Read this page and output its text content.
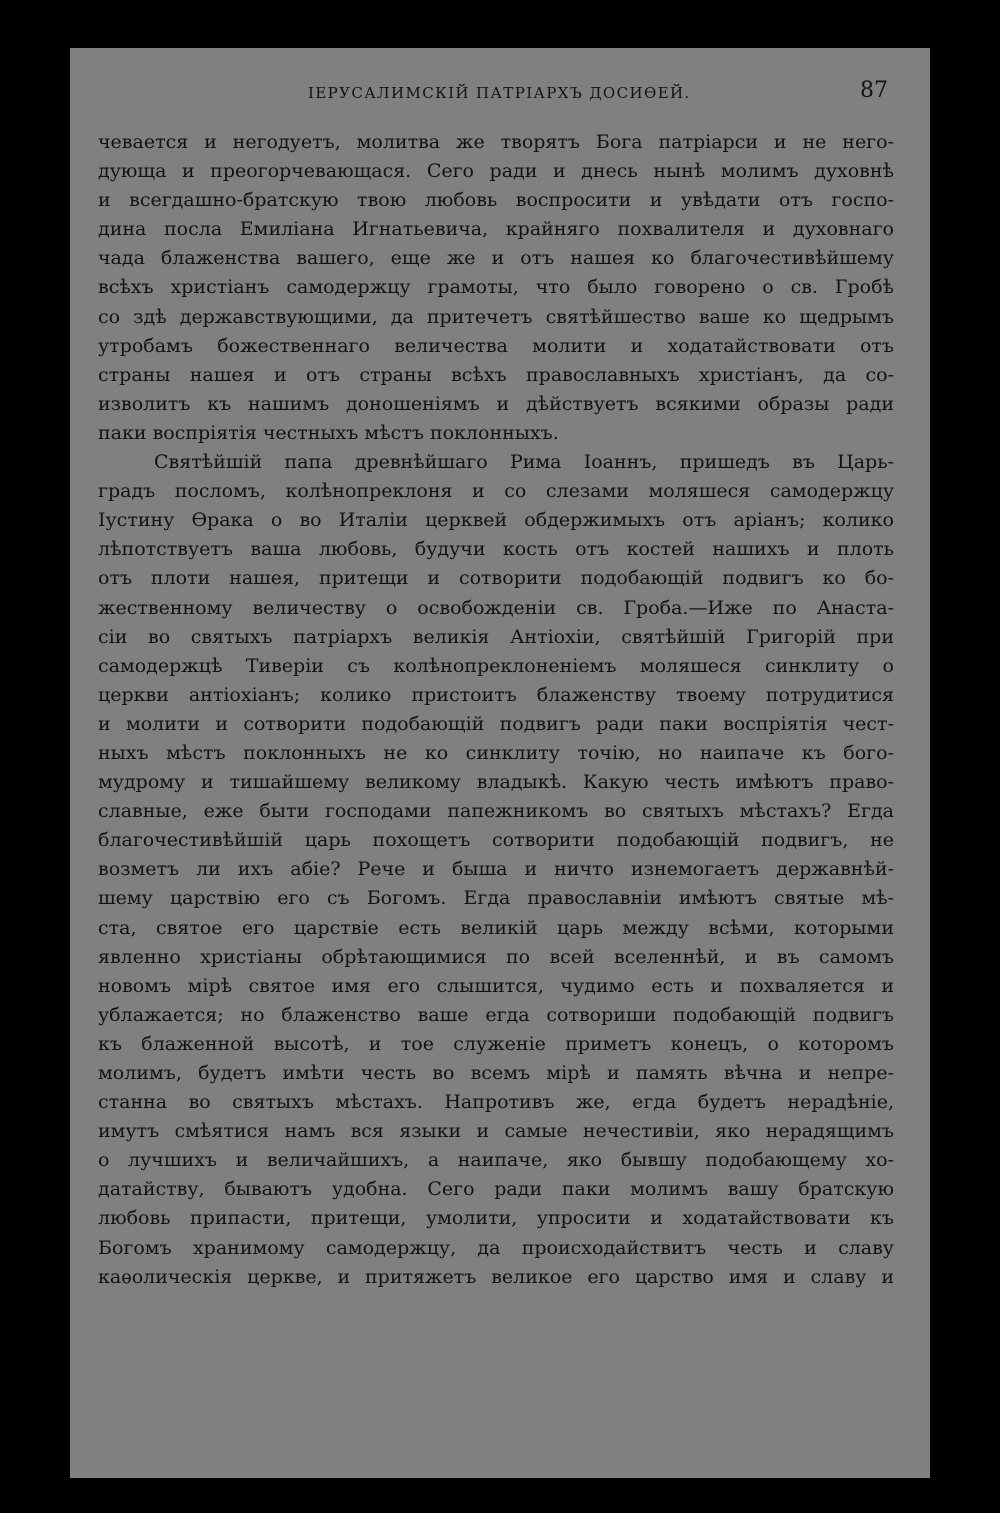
ІЕРУСАЛИМСКІЙ ПАТРІАРХЪ ДОСИѲЕЙ.	87
чевается и негодуетъ, молитва же творятъ Бога патріарси и не него-
дующа и преогорчевающася. Сего ради и днесь нынѣ молимъ духовнѣ
и всегдашно-братскую твою любовь воспросити и увѣдати отъ госпо-
дина посла Емиліана Игнатьевича, крайняго похвалителя и духовнаго
чада блаженства вашего, еще же и отъ нашея ко благочестивѣйшему
всѣхъ христіанъ самодержцу грамоты, что было говорено о св. Гробѣ
со здѣ державствующими, да притечетъ святѣйшество ваше ко щедрымъ
утробамъ божественнаго величества молити и ходатайствовати отъ
страны нашея и отъ страны всѣхъ православныхъ христіанъ, да со-
изволитъ къ нашимъ доношеніямъ и дѣйствуетъ всякими образы ради
паки воспріятія честныхъ мѣстъ поклонныхъ.
Святѣйшій папа древнѣйшаго Рима Іоаннъ, пришедъ въ Царь-
градъ посломъ, колѣнопреклоня и со слезами моляшеся самодержцу
Іустину Ѳрака о во Италіи церквей обдержимыхъ отъ аріанъ; колико
лѣпотствуетъ ваша любовь, будучи кость отъ костей нашихъ и плоть
отъ плоти нашея, притещи и сотворити подобающій подвигъ ко бо-
жественному величеству о освобожденіи св. Гроба.—Иже по Анаста-
сіи во святыхъ патріархъ великія Антіохіи, святѣйшій Григорій при
самодержцѣ Тиверіи съ колѣнопреклоненіемъ моляшеся синклиту о
церкви антіохіанъ; колико пристоитъ блаженству твоему потрудитися
и молити и сотворити подобающій подвигъ ради паки воспріятія чест-
ныхъ мѣстъ поклонныхъ не ко синклиту точію, но наипаче къ бого-
мудрому и тишайшему великому владыкѣ. Какую честь имѣютъ право-
славные, еже быти господами папежникомъ во святыхъ мѣстахъ? Егда
благочестивѣйшій царь похощетъ сотворити подобающій подвигъ, не
возметъ ли ихъ абіе? Рече и быша и ничто изнемогаетъ державнѣй-
шему царствію его съ Богомъ. Егда православніи имѣютъ святые мѣ-
ста, святое его царствіе есть великій царь между всѣми, которыми
явленно христіаны обрѣтающимися по всей вселеннѣй, и въ самомъ
новомъ мірѣ святое имя его слышится, чудимо есть и похваляется и
ублажается; но блаженство ваше егда сотвориши подобающій подвигъ
къ блаженной высотѣ, и тое служеніе приметъ конецъ, о которомъ
молимъ, будетъ имѣти честь во всемъ мірѣ и память вѣчна и непре-
станна во святыхъ мѣстахъ. Напротивъ же, егда будетъ нерадѣніе,
имутъ смѣятися намъ вся языки и самые нечестивіи, яко нерадящимъ
о лучшихъ и величайшихъ, а наипаче, яко бывшу подобающему хо-
датайству, бываютъ удобна. Сего ради паки молимъ вашу братскую
любовь припасти, притещи, умолити, упросити и ходатайствовати къ
Богомъ хранимому самодержцу, да происходайствитъ честь и славу
каѳолическія церкве, и притяжетъ великое его царство имя и славу и
